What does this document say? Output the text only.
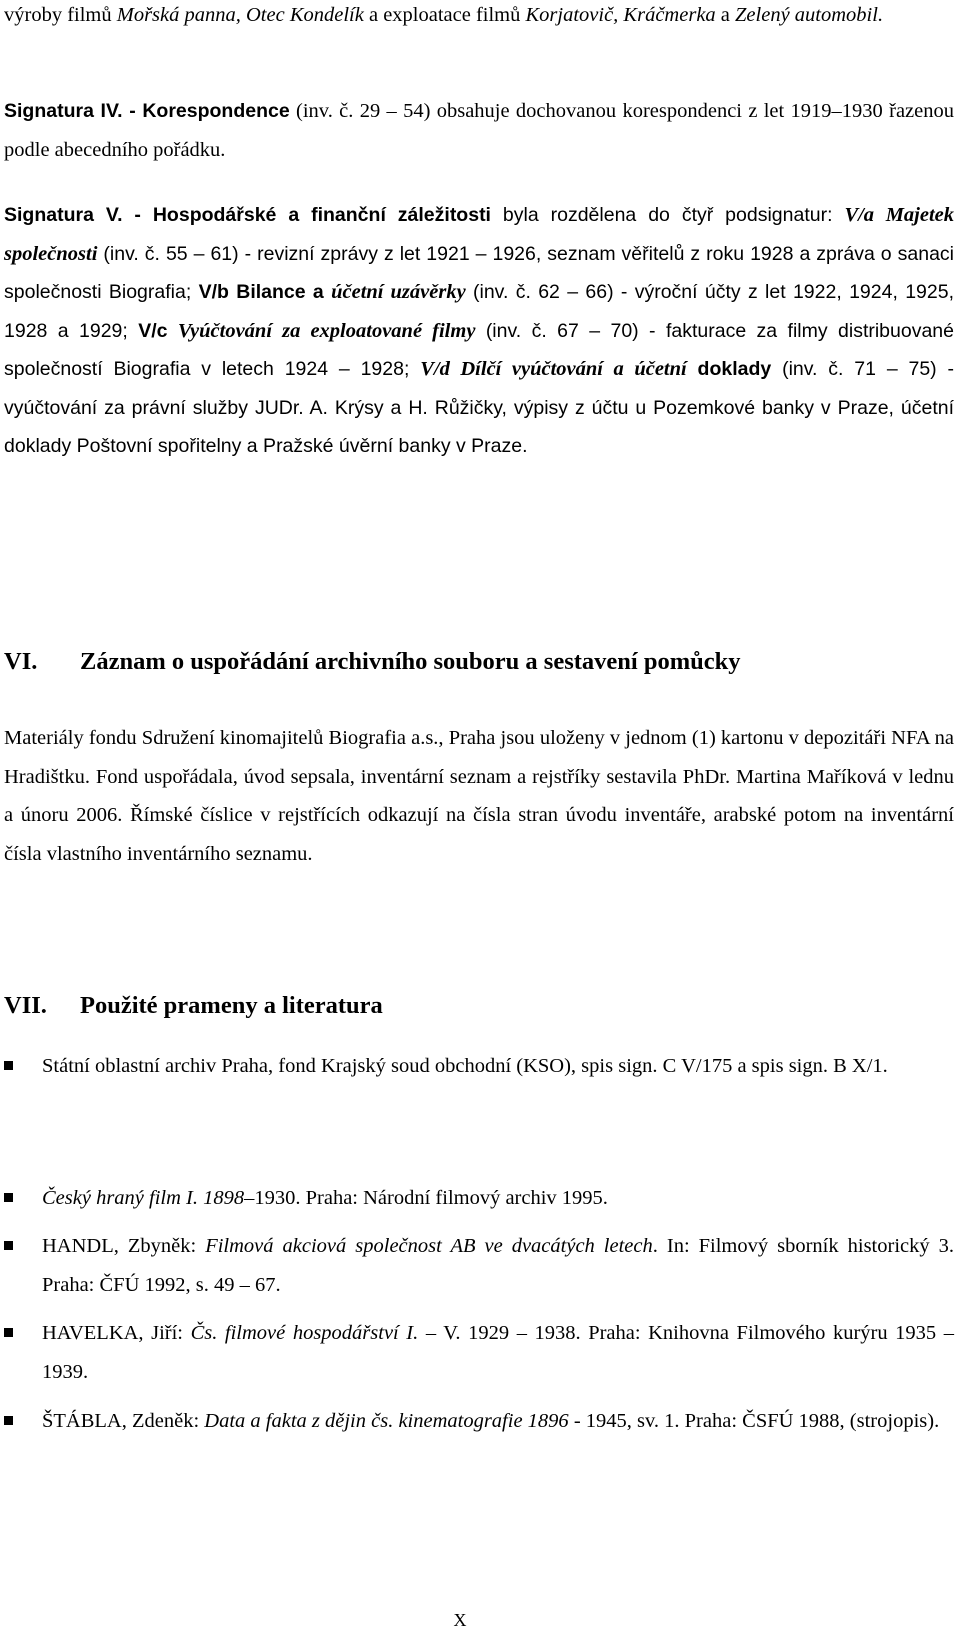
výroby filmů Mořská panna, Otec Kondelík a exploatace filmů Korjatovič, Kráčmerka a Zelený automobil.

Signatura IV. - Korespondence (inv. č. 29 – 54) obsahuje dochovanou korespondenci z let 1919–1930 řazenou podle abecedního pořádku.

Signatura V. - Hospodářské a finanční záležitosti byla rozdělena do čtyř podsignatur: V/a Majetek společnosti (inv. č. 55 – 61) - revizní zprávy z let 1921 – 1926, seznam věřitelů z roku 1928 a zpráva o sanaci společnosti Biografia; V/b Bilance a účetní uzávěrky (inv. č. 62 – 66) - výroční účty z let 1922, 1924, 1925, 1928 a 1929; V/c Vyúčtování za exploatované filmy (inv. č. 67 – 70) - fakturace za filmy distribuované společností Biografia v letech 1924 – 1928; V/d Dílčí vyúčtování a účetní doklady (inv. č. 71 – 75) - vyúčtování za právní služby JUDr. A. Krýsy a H. Růžičky, výpisy z účtu u Pozemkové banky v Praze, účetní doklady Poštovní spořitelny a Pražské úvěrní banky v Praze.

VI. Záznam o uspořádání archivního souboru a sestavení pomůcky

Materiály fondu Sdružení kinomajitelů Biografia a.s., Praha jsou uloženy v jednom (1) kartonu v depozitáři NFA na Hradištku. Fond uspořádala, úvod sepsala, inventární seznam a rejstříky sestavila PhDr. Martina Maříková v lednu a únoru 2006. Římské číslice v rejstřících odkazují na čísla stran úvodu inventáře, arabské potom na inventární čísla vlastního inventárního seznamu.

VII. Použité prameny a literatura
Státní oblastní archiv Praha, fond Krajský soud obchodní (KSO), spis sign. C V/175 a spis sign. B X/1.
Český hraný film I. 1898–1930. Praha: Národní filmový archiv 1995.
HANDL, Zbyněk: Filmová akciová společnost AB ve dvacátých letech. In: Filmový sborník historický 3. Praha: ČFÚ 1992, s. 49 – 67.
HAVELKA, Jiří: Čs. filmové hospodářství I. – V. 1929 – 1938. Praha: Knihovna Filmového kurýru 1935 – 1939.
ŠTÁBLA, Zdeněk: Data a fakta z dějin čs. kinematografie 1896 - 1945, sv. 1. Praha: ČSFÚ 1988, (strojopis).
X
